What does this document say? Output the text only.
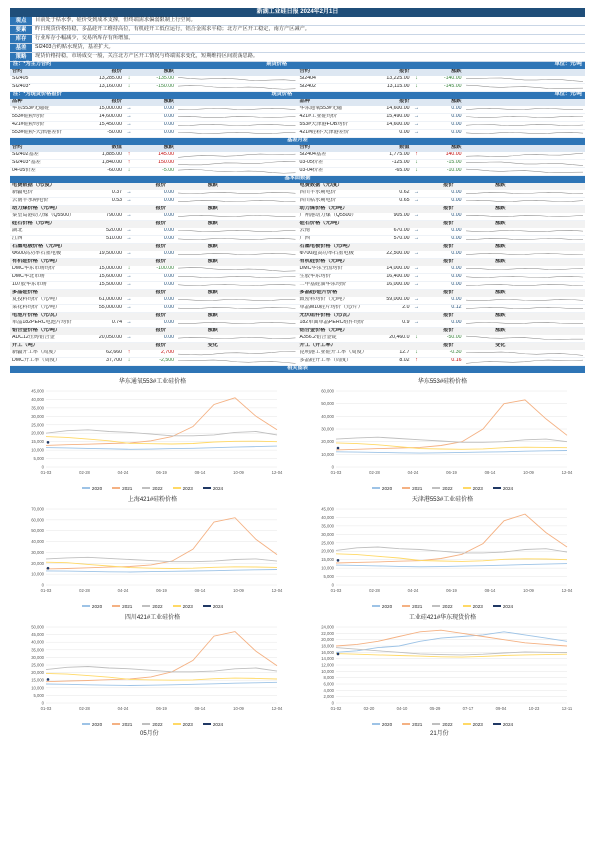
新湖工业硅日报 2024年2月1日
观点	目前处于枯水季，硅价受到成本支撑，但终端需求偏弱限制上行空间。
要素	昨日现货价格持稳，多晶硅开工维持高位，有机硅开工低位运行，铝合金需求平稳；北方产区开工稳定，南方产区减产。
库存	行业库存小幅减少，交易所库存有所增加。
基差	SI2403合约贴水现货，基差扩大。
策略	现货价格持稳，市场成交一般，关注北方产区开工情况与终端需求变化，短期维持区间震荡思路。
注：*为主力合约	期货价格	单位：元/吨
合约	报价	涨跌	合约	报价	涨跌
SI2405	13,285.00	↓	-135.00	SI2404	13,225.00	↓	-140.00
SI2403*	13,160.00	↓	-150.00	SI2402	13,115.00	↓	-145.00
注：*为现货价格报价	现货价格	单位：元/吨
品种	报价	涨跌	品种	报价	涨跌
华东553#无磁硅	15,000.00 →	0.00	华东通氧553#无磁	14,600.00 →	0.00
553#硅粉均价	14,600.00 →	0.00	421#工业硅均价	15,490.00 →	0.00
421#硅粉均价	15,450.00 →	0.00	553#天津港FOB均价	14,600.00 →	0.00
553#硅粉-天津港差价	-50.00 →	0.00	421#硅粉-天津港差价	0.00 →	0.00
基差月差
合约	数值	涨跌	合约	数值	涨跌
SI2402基差	1,885.00	↑	145.00	SI2404基差	1,775.00	↑	140.00
SI2403*基差	1,840.00	↑	150.00	03-05价差	-125.00	↓	-15.00
04-05价差	-60.00	↓	-5.00	03-04价差	-65.00	↓	-10.00
基本面数据
电费数据（元/度）	报价	涨跌	电费数据（元/度）	报价	涨跌
新疆电价	0.37 →	0.00	四川丰水期电价	0.62 →	0.00
云南丰水期电价	0.53 →	0.00	四川枯水期电价	0.65 →	0.00
动力煤价格（元/吨）	报价	涨跌	动力煤价格（元/吨）	报价	涨跌
秦皇岛港动力煤（Q5500）	790.00 →	0.00	广州港动力煤（Q5500）	905.00 →	0.00
硅石价格（元/吨）	报价	涨跌	硅石价格（元/吨）	报价	涨跌
湖北	520.00 →	0.00	云南	670.00 →	0.00
江西	510.00 →	0.00	广西	570.00 →	0.00
石墨电极价格（元/吨）	报价	涨跌	石墨电极价格（元/吨）	报价	涨跌
Φ600高功率石墨电极	19,500.00 →	0.00	Φ700超高功率石墨电极	22,500.00 →	0.00
有机硅价格（元/吨）	报价	涨跌	有机硅价格（元/吨）	报价	涨跌
DMC华东市场均价	15,000.00	↓	-100.00	DMC华东全国均价	14,000.00 →	0.00
DMC华北市场	15,600.00 →	0.00	生胶华东均价	16,400.00 →	0.00
107胶华东市场	15,500.00 →	0.00	二甲基硅油华东均价	16,000.00 →	0.00
多晶硅价格	报价	涨跌	多晶硅/硅片价格	报价	涨跌
复投料均价（元/吨）	61,000.00 →	0.00	致密料均价（元/吨）	59,000.00 →	0.00
菜花料均价（元/吨）	55,000.00 →	0.00	单晶M10硅片均价（元/片）	2.0 →	0.12
电池片价格（元/瓦）	报价	涨跌	光伏组件价格（元/瓦）	报价	涨跌
单晶182PERC电池片均价	0.74 →	0.00	182单面单晶PERC组件均价	0.9 →	0.00
铝合金价格（元/吨）	报价	涨跌	铝合金价格（元/吨）	报价	涨跌
ADC12压铸铝合金	20,050.00 →	0.00	A356.2铝合金锭	20,460.0	↓	-50.00
开工（吨）	报价	变化	开工（开工率）	报价	变化
新疆开工率（周度）	62,660	↑	2,700	昆明港工业硅开工率（周度）	12.7	↓	-0.30
DMC开工率（周度）	37,700	↓	-2,500	多晶硅开工率（周度）	8.02	↑	0.16
相关图表
05月份	21月份
0
5,000
10,000
15,000
20,000
25,000
30,000
35,000
40,000
45,000
01-03	02-28	04-24	06-19	08-14	10-09	12-04
华东通氧553#工业硅价格
2020	2021	2022	2023	2024
0
10,000
20,000
30,000
40,000
50,000
60,000
01-03	02-28	04-24	06-19	08-14	10-09	12-04
华东553#硅粉价格
2020	2021	2022	2023	2024
0
10,000
20,000
30,000
40,000
50,000
60,000
70,000
01-03	02-28	04-24	06-19	08-14	10-09	12-04
上海421#硅粉价格
2020	2021	2022	2023	2024
0
5,000
10,000
15,000
20,000
25,000
30,000
35,000
40,000
45,000
01-03	02-28	04-24	06-19	08-14	10-09	12-04
天津港553#工业硅价格
2020	2021	2022	2023	2024
0
5,000
10,000
15,000
20,000
25,000
30,000
35,000
40,000
45,000
50,000
01-03	02-28	04-24	06-19	08-14	10-09	12-04
四川421#工业硅价格
2020	2021	2022	2023	2024
0
2,000
4,000
6,000
8,000
10,000
12,000
14,000
16,000
18,000
20,000
22,000
24,000
01-02	02-20	04-10	05-29	07-17	09-04	10-23	12-11
工业硅421#华东现货价格
2020	2021	2022	2023	2024
